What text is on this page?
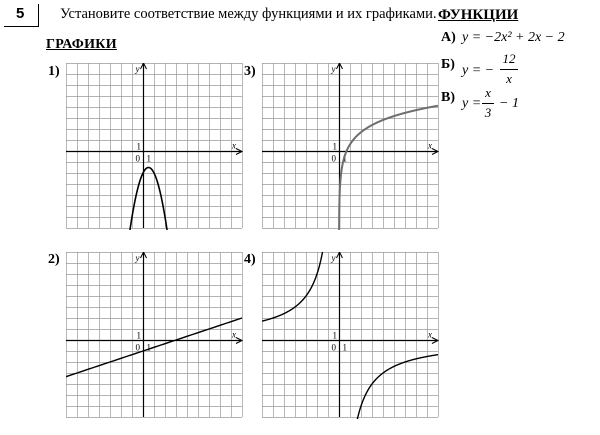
5 Установите соответствие между функциями и их графиками. ФУНКЦИИ
ГРАФИКИ	А) y = −2x² + 2x − 2
Б) y = −
12
x
В) y =
x
3
− 1
1)
2)
3)
4)
x
y
0 1
1
x
y
0 1
1
x
y
0 1
1
x
y
0 1
1
